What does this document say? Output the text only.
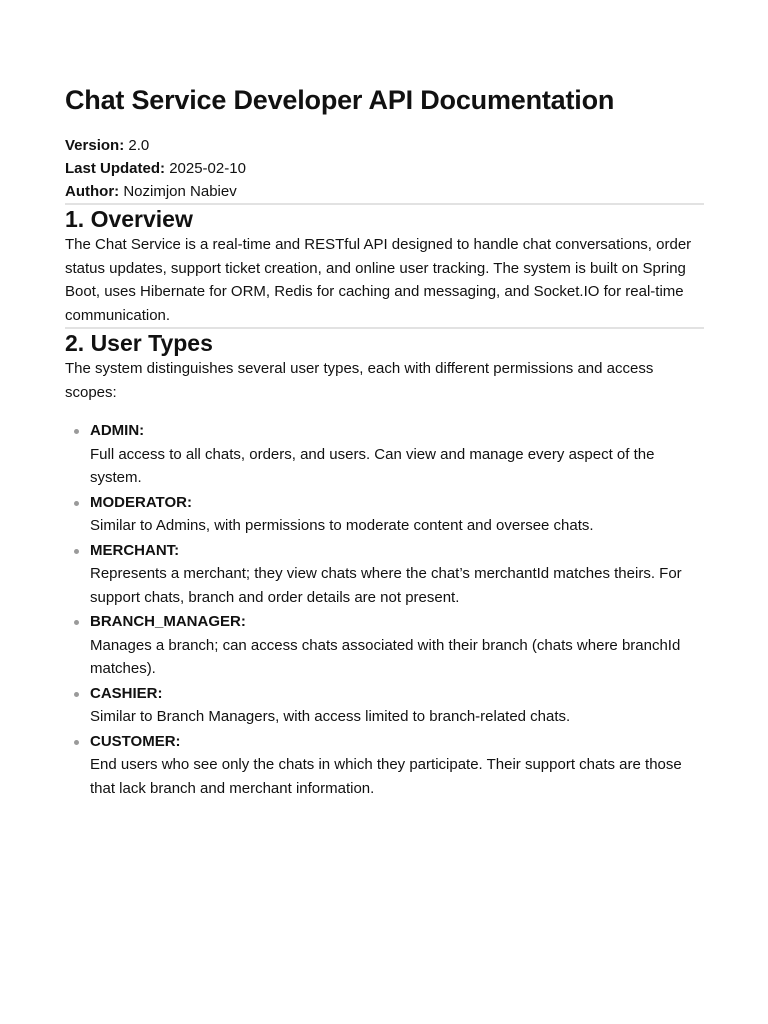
Chat Service Developer API Documentation
Version: 2.0
Last Updated: 2025-02-10
Author: Nozimjon Nabiev
1. Overview

The Chat Service is a real-time and RESTful API designed to handle chat conversations, order status updates, support ticket creation, and online user tracking. The system is built on Spring Boot, uses Hibernate for ORM, Redis for caching and messaging, and Socket.IO for real-time communication.

2. User Types

The system distinguishes several user types, each with different permissions and access scopes:

ADMIN:
Full access to all chats, orders, and users. Can view and manage every aspect of the system.
MODERATOR:
Similar to Admins, with permissions to moderate content and oversee chats.
MERCHANT:
Represents a merchant; they view chats where the chat’s merchantId matches theirs. For support chats, branch and order details are not present.
BRANCH_MANAGER:
Manages a branch; can access chats associated with their branch (chats where branchId matches).
CASHIER:
Similar to Branch Managers, with access limited to branch-related chats.
CUSTOMER:
End users who see only the chats in which they participate. Their support chats are those that lack branch and merchant information.
